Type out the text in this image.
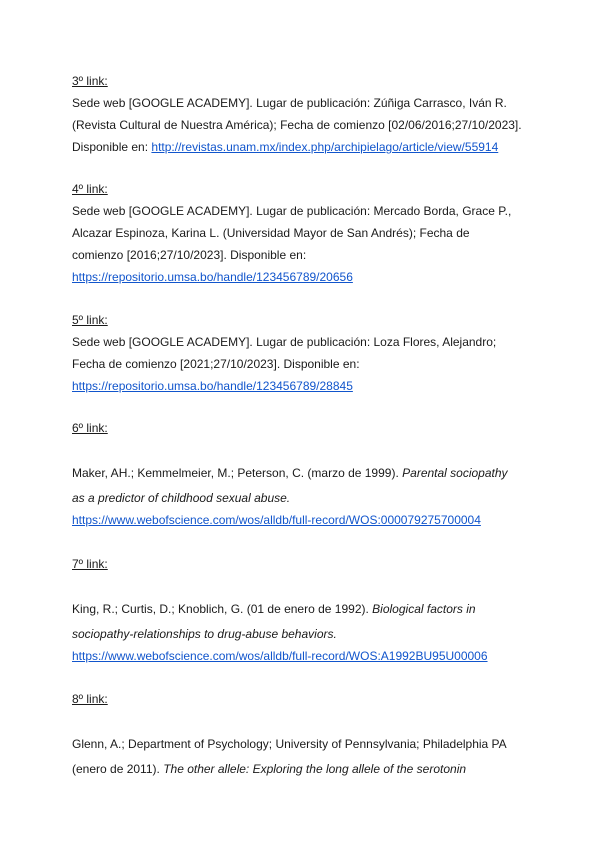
3º link:
Sede web [GOOGLE ACADEMY]. Lugar de publicación: Zúñiga Carrasco, Iván R.
(Revista Cultural de Nuestra América); Fecha de comienzo [02/06/2016;27/10/2023].
Disponible en: http://revistas.unam.mx/index.php/archipielago/article/view/55914
4º link:
Sede web [GOOGLE ACADEMY]. Lugar de publicación: Mercado Borda, Grace P.,
Alcazar Espinoza, Karina L. (Universidad Mayor de San Andrés); Fecha de
comienzo [2016;27/10/2023]. Disponible en:
https://repositorio.umsa.bo/handle/123456789/20656
5º link:
Sede web [GOOGLE ACADEMY]. Lugar de publicación: Loza Flores, Alejandro;
Fecha de comienzo [2021;27/10/2023]. Disponible en:
https://repositorio.umsa.bo/handle/123456789/28845
6º link:
Maker, AH.; Kemmelmeier, M.; Peterson, C. (marzo de 1999). Parental sociopathy
as a predictor of childhood sexual abuse.
https://www.webofscience.com/wos/alldb/full-record/WOS:000079275700004
7º link:
King, R.; Curtis, D.; Knoblich, G. (01 de enero de 1992). Biological factors in
sociopathy-relationships to drug-abuse behaviors.
https://www.webofscience.com/wos/alldb/full-record/WOS:A1992BU95U00006
8º link:
Glenn, A.; Department of Psychology; University of Pennsylvania; Philadelphia PA
(enero de 2011). The other allele: Exploring the long allele of the serotonin
